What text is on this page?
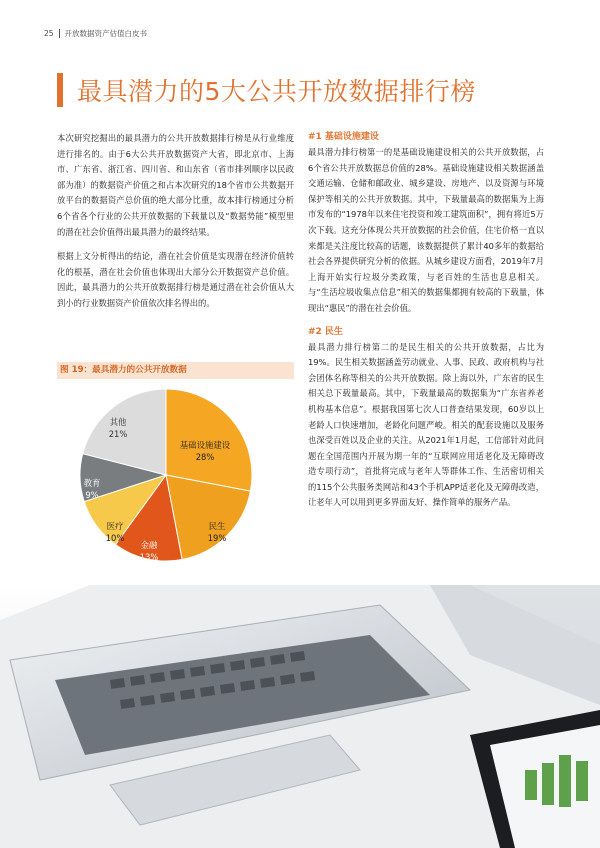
25 开放数据资产估值白皮书
最具潜力的5大公共开放数据排行榜

本次研究挖掘出的最具潜力的公共开放数据排行榜是从行业维度进行排名的。由于6大公共开放数据资产大省，即北京市、上海市、广东省、浙江省、四川省、和山东省（省市排列顺序以民政部为准）的数据资产价值之和占本次研究的18个省市公共数据开放平台的数据资产总价值的绝大部分比重，故本排行榜通过分析6个省各个行业的公共开放数据的下载量以及“数据势能”模型里的潜在社会价值得出最具潜力的最终结果。

根据上文分析得出的结论，潜在社会价值是实现潜在经济价值转化的根基，潜在社会价值也体现出大部分公开数据资产总价值。因此，最具潜力的公共开放数据排行榜是通过潜在社会价值从大到小的行业数据资产价值依次排名得出的。

图 19：最具潜力的公共开放数据
基础设施建设
28%
民生
19%
金融
13%
医疗
10%
教育
9%
其他
21%
#1 基础设施建设

最具潜力排行榜第一的是基础设施建设相关的公共开放数据，占6个省公共开放数据总价值的28%。基础设施建设相关数据涵盖交通运输、仓储和邮政业、城乡建设、房地产、以及资源与环境保护等相关的公共开放数据。其中，下载量最高的数据集为上海市发布的“1978年以来住宅投资和竣工建筑面积”，拥有将近5万次下载。这充分体现公共开放数据的社会价值，住宅价格一直以来都是关注度比较高的话题，该数据提供了累计40多年的数据给社会各界提供研究分析的依据。从城乡建设方面看，2019年7月上海开始实行垃圾分类政策，与老百姓的生活也息息相关。与“生活垃圾收集点信息”相关的数据集都拥有较高的下载量，体现出“惠民”的潜在社会价值。

#2 民生

最具潜力排行榜第二的是民生相关的公共开放数据，占比为19%。民生相关数据涵盖劳动就业、人事、民政、政府机构与社会团体名称等相关的公共开放数据。除上海以外，广东省的民生相关总下载量最高。其中，下载量最高的数据集为“广东省养老机构基本信息”。根据我国第七次人口普查结果发现，60岁以上老龄人口快速增加，老龄化问题严峻。相关的配套设施以及服务也深受百姓以及企业的关注。从2021年1月起，工信部针对此问题在全国范围内开展为期一年的“互联网应用适老化及无障碍改造专项行动”，首批将完成与老年人等群体工作、生活密切相关的115个公共服务类网站和43个手机APP适老化及无障碍改造，让老年人可以用到更多界面友好、操作简单的服务产品。
